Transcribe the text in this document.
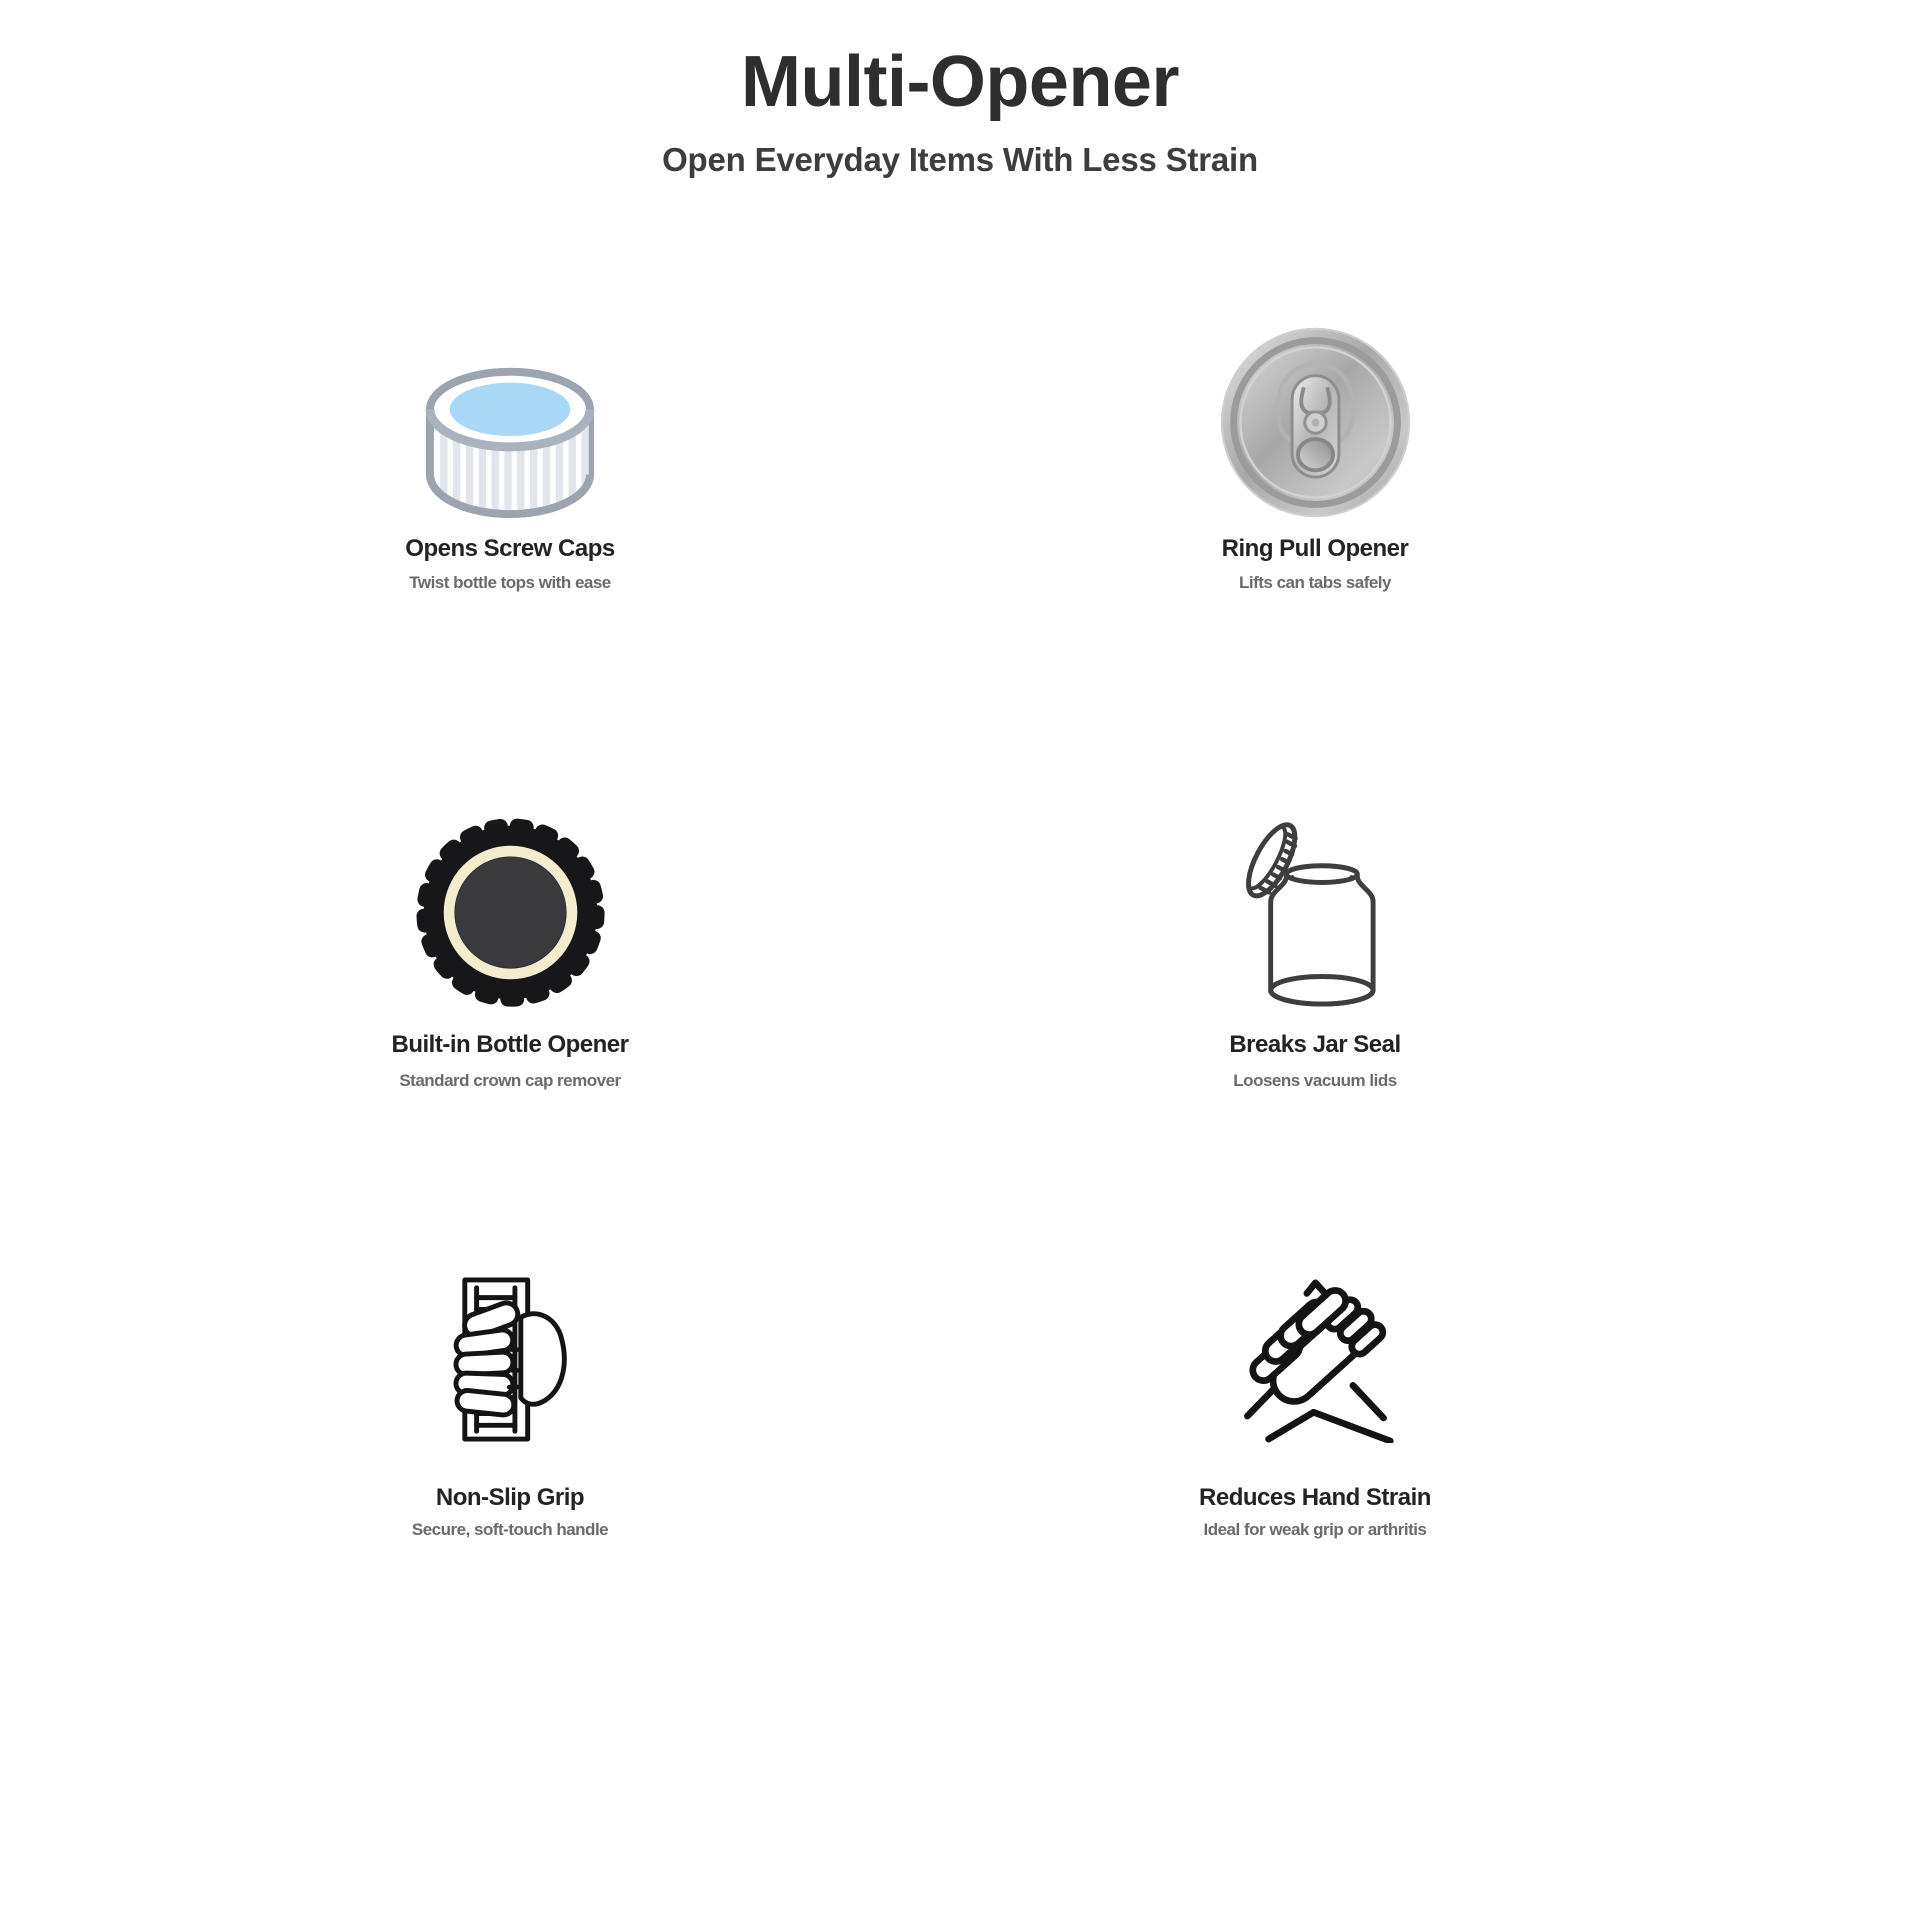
Multi-Opener
Open Everyday Items With Less Strain
Opens Screw Caps

Twist bottle tops with ease

Ring Pull Opener

Lifts can tabs safely

Built-in Bottle Opener

Standard crown cap remover

Breaks Jar Seal

Loosens vacuum lids

Non-Slip Grip

Secure, soft-touch handle

Reduces Hand Strain

Ideal for weak grip or arthritis
